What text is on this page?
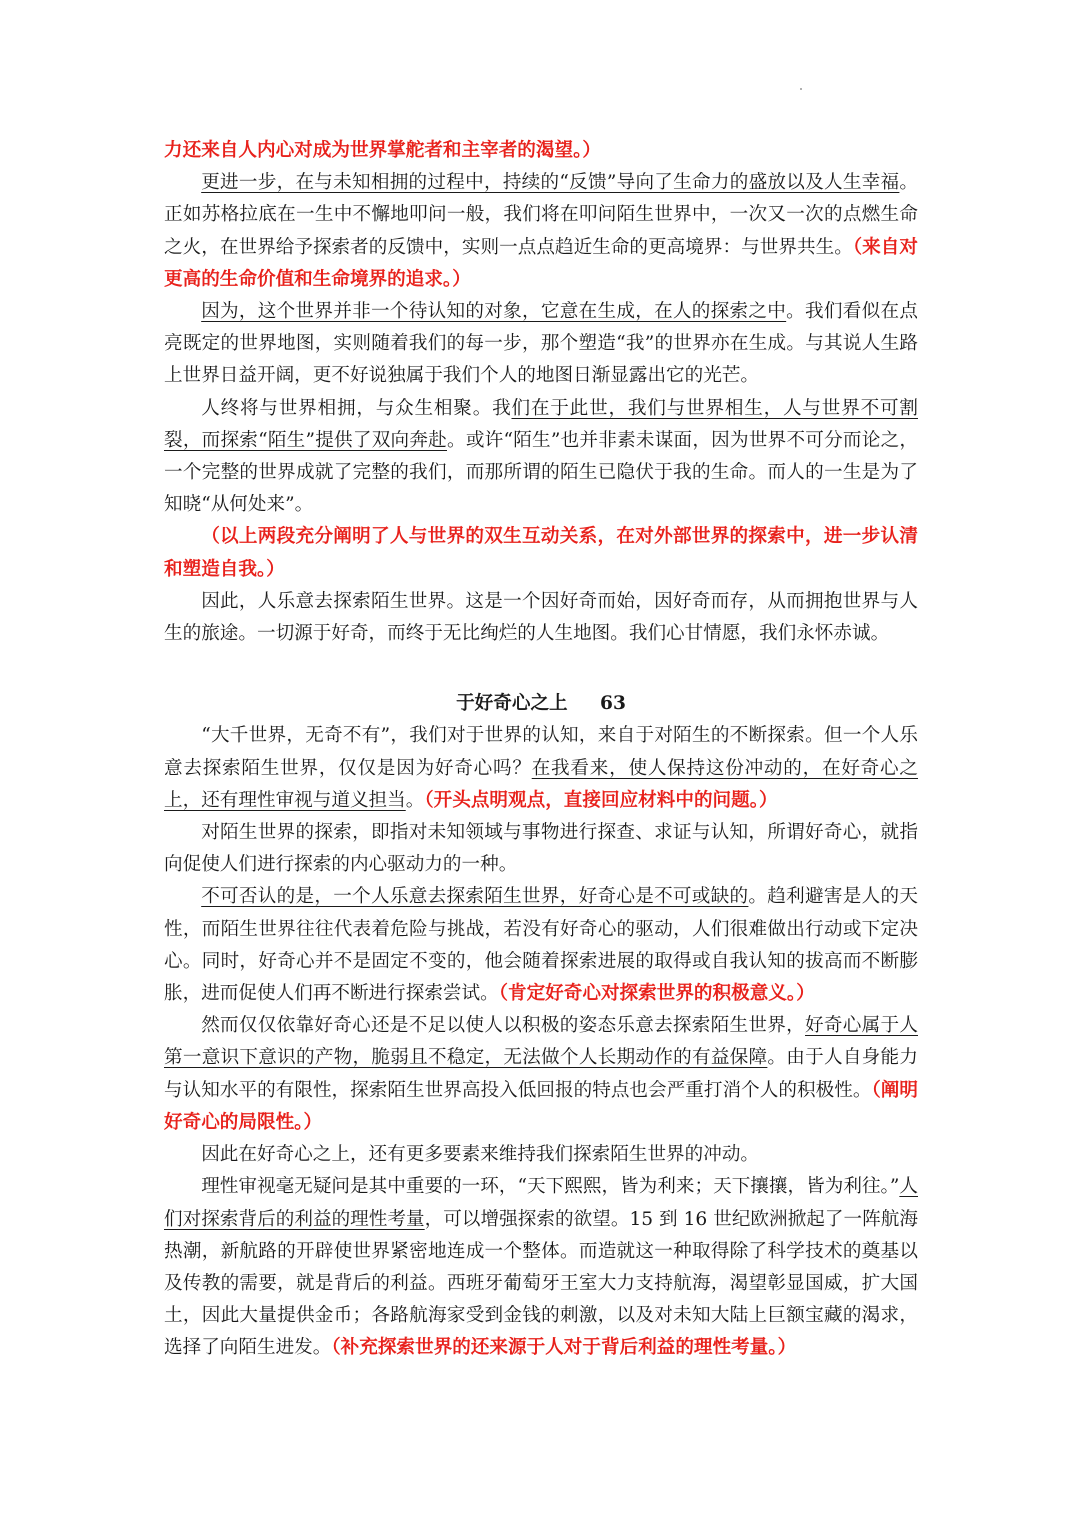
力还来自人内心对成为世界掌舵者和主宰者的渴望。）

更进一步，在与未知相拥的过程中，持续的“反馈”导向了生命力的盛放以及人生幸福。正如苏格拉底在一生中不懈地叩问一般，我们将在叩问陌生世界中，一次又一次的点燃生命之火，在世界给予探索者的反馈中，实则一点点趋近生命的更高境界：与世界共生。（来自对更高的生命价值和生命境界的追求。）

因为，这个世界并非一个待认知的对象，它意在生成，在人的探索之中。我们看似在点亮既定的世界地图，实则随着我们的每一步，那个塑造“我”的世界亦在生成。与其说人生路上世界日益开阔，更不好说独属于我们个人的地图日渐显露出它的光芒。

人终将与世界相拥，与众生相聚。我们在于此世，我们与世界相生，人与世界不可割裂，而探索“陌生”提供了双向奔赴。或许“陌生”也并非素未谋面，因为世界不可分而论之，一个完整的世界成就了完整的我们，而那所谓的陌生已隐伏于我的生命。而人的一生是为了知晓“从何处来”。

（以上两段充分阐明了人与世界的双生互动关系，在对外部世界的探索中，进一步认清和塑造自我。）

因此，人乐意去探索陌生世界。这是一个因好奇而始，因好奇而存，从而拥抱世界与人生的旅途。一切源于好奇，而终于无比绚烂的人生地图。我们心甘情愿，我们永怀赤诚。

于好奇心之上 63

“大千世界，无奇不有”，我们对于世界的认知，来自于对陌生的不断探索。但一个人乐意去探索陌生世界，仅仅是因为好奇心吗？在我看来，使人保持这份冲动的，在好奇心之上，还有理性审视与道义担当。（开头点明观点，直接回应材料中的问题。）

对陌生世界的探索，即指对未知领域与事物进行探查、求证与认知，所谓好奇心，就指向促使人们进行探索的内心驱动力的一种。

不可否认的是，一个人乐意去探索陌生世界，好奇心是不可或缺的。趋利避害是人的天性，而陌生世界往往代表着危险与挑战，若没有好奇心的驱动，人们很难做出行动或下定决心。同时，好奇心并不是固定不变的，他会随着探索进展的取得或自我认知的拔高而不断膨胀，进而促使人们再不断进行探索尝试。（肯定好奇心对探索世界的积极意义。）

然而仅仅依靠好奇心还是不足以使人以积极的姿态乐意去探索陌生世界，好奇心属于人第一意识下意识的产物，脆弱且不稳定，无法做个人长期动作的有益保障。由于人自身能力与认知水平的有限性，探索陌生世界高投入低回报的特点也会严重打消个人的积极性。（阐明好奇心的局限性。）

因此在好奇心之上，还有更多要素来维持我们探索陌生世界的冲动。

理性审视毫无疑问是其中重要的一环，“天下熙熙，皆为利来；天下攘攘，皆为利往。”人们对探索背后的利益的理性考量，可以增强探索的欲望。15 到 16 世纪欧洲掀起了一阵航海热潮，新航路的开辟使世界紧密地连成一个整体。而造就这一种取得除了科学技术的奠基以及传教的需要，就是背后的利益。西班牙葡萄牙王室大力支持航海，渴望彰显国威，扩大国土，因此大量提供金币；各路航海家受到金钱的刺激，以及对未知大陆上巨额宝藏的渴求，选择了向陌生进发。（补充探索世界的还来源于人对于背后利益的理性考量。）
